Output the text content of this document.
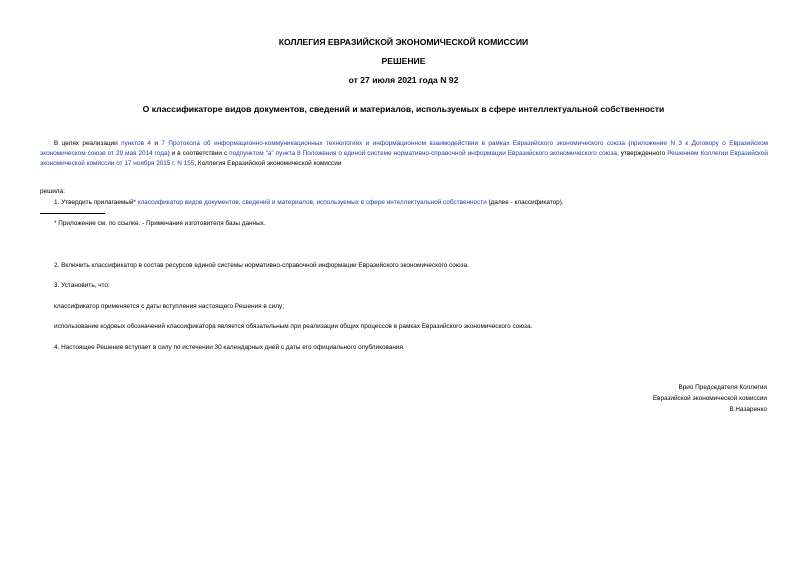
КОЛЛЕГИЯ ЕВРАЗИЙСКОЙ ЭКОНОМИЧЕСКОЙ КОМИССИИ
РЕШЕНИЕ
от 27 июля 2021 года N 92
О классификаторе видов документов, сведений и материалов, используемых в сфере интеллектуальной собственности
В целях реализации пунктов 4 и 7 Протокола об информационно-коммуникационных технологиях и информационном взаимодействии в рамках Евразийского экономического союза (приложение N 3 к Договору о Евразийском экономическом союзе от 29 мая 2014 года) и в соответствии с подпунктом "а" пункта 8 Положения о единой системе нормативно-справочной информации Евразийского экономического союза, утвержденного Решением Коллегии Евразийской экономической комиссии от 17 ноября 2015 г. N 155, Коллегия Евразийской экономической комиссии
решила:
1. Утвердить прилагаемый* классификатор видов документов, сведений и материалов, используемых в сфере интеллектуальной собственности (далее - классификатор).
* Приложение см. по ссылке. - Примечание изготовителя базы данных.
2. Включить классификатор в состав ресурсов единой системы нормативно-справочной информации Евразийского экономического союза.
3. Установить, что:
классификатор применяется с даты вступления настоящего Решения в силу;
использование кодовых обозначений классификатора является обязательным при реализации общих процессов в рамках Евразийского экономического союза.
4. Настоящее Решение вступает в силу по истечении 30 календарных дней с даты его официального опубликования.
Врио Председателя Коллегии
Евразийской экономической комиссии
В.Назаренко
